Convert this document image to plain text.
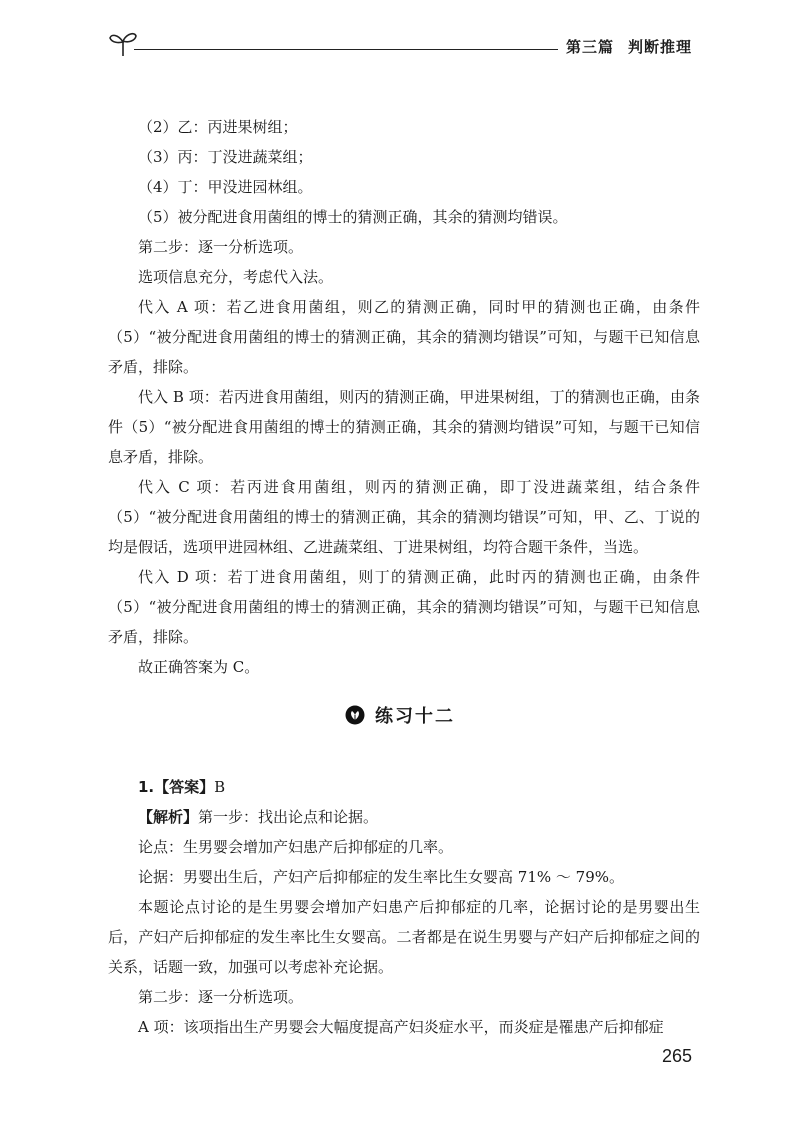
第三篇 判断推理

（2）乙：丙进果树组；

（3）丙：丁没进蔬菜组；

（4）丁：甲没进园林组。

（5）被分配进食用菌组的博士的猜测正确，其余的猜测均错误。

第二步：逐一分析选项。

选项信息充分，考虑代入法。

代入 A 项：若乙进食用菌组，则乙的猜测正确，同时甲的猜测也正确，由条件（5）“被分配进食用菌组的博士的猜测正确，其余的猜测均错误”可知，与题干已知信息矛盾，排除。

代入 B 项：若丙进食用菌组，则丙的猜测正确，甲进果树组，丁的猜测也正确，由条件（5）“被分配进食用菌组的博士的猜测正确，其余的猜测均错误”可知，与题干已知信息矛盾，排除。

代入 C 项：若丙进食用菌组，则丙的猜测正确，即丁没进蔬菜组，结合条件（5）“被分配进食用菌组的博士的猜测正确，其余的猜测均错误”可知，甲、乙、丁说的均是假话，选项甲进园林组、乙进蔬菜组、丁进果树组，均符合题干条件，当选。

代入 D 项：若丁进食用菌组，则丁的猜测正确，此时丙的猜测也正确，由条件（5）“被分配进食用菌组的博士的猜测正确，其余的猜测均错误”可知，与题干已知信息矛盾，排除。

故正确答案为 C。

练习十二

1.【答案】B

【解析】第一步：找出论点和论据。

论点：生男婴会增加产妇患产后抑郁症的几率。

论据：男婴出生后，产妇产后抑郁症的发生率比生女婴高 71% ～ 79%。

本题论点讨论的是生男婴会增加产妇患产后抑郁症的几率，论据讨论的是男婴出生后，产妇产后抑郁症的发生率比生女婴高。二者都是在说生男婴与产妇产后抑郁症之间的关系，话题一致，加强可以考虑补充论据。

第二步：逐一分析选项。

A 项：该项指出生产男婴会大幅度提高产妇炎症水平，而炎症是罹患产后抑郁症

265
